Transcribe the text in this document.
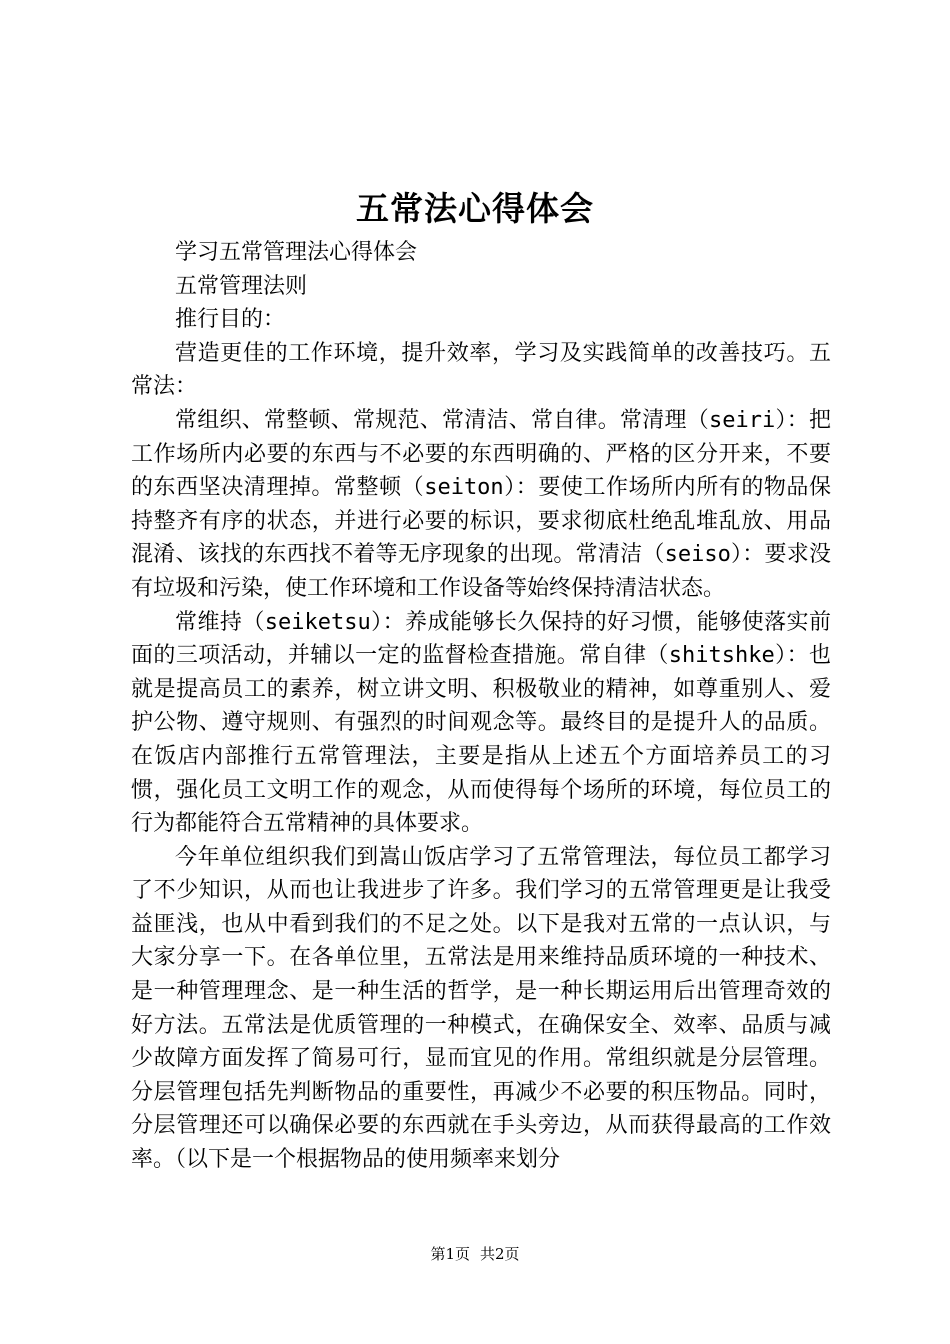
五常法心得体会

学习五常管理法心得体会

五常管理法则

推行目的：

营造更佳的工作环境，提升效率，学习及实践简单的改善技巧。五常法：

常组织、常整顿、常规范、常清洁、常自律。常清理（seiri）：把工作场所内必要的东西与不必要的东西明确的、严格的区分开来，不要的东西坚决清理掉。常整顿（seiton）：要使工作场所内所有的物品保持整齐有序的状态，并进行必要的标识，要求彻底杜绝乱堆乱放、用品混淆、该找的东西找不着等无序现象的出现。常清洁（seiso）：要求没有垃圾和污染，使工作环境和工作设备等始终保持清洁状态。

常维持（seiketsu）：养成能够长久保持的好习惯，能够使落实前面的三项活动，并辅以一定的监督检查措施。常自律（shitshke）：也就是提高员工的素养，树立讲文明、积极敬业的精神，如尊重别人、爱护公物、遵守规则、有强烈的时间观念等。最终目的是提升人的品质。在饭店内部推行五常管理法，主要是指从上述五个方面培养员工的习惯，强化员工文明工作的观念，从而使得每个场所的环境，每位员工的行为都能符合五常精神的具体要求。

今年单位组织我们到嵩山饭店学习了五常管理法，每位员工都学习了不少知识，从而也让我进步了许多。我们学习的五常管理更是让我受益匪浅，也从中看到我们的不足之处。以下是我对五常的一点认识，与大家分享一下。在各单位里，五常法是用来维持品质环境的一种技术、是一种管理理念、是一种生活的哲学，是一种长期运用后出管理奇效的好方法。五常法是优质管理的一种模式，在确保安全、效率、品质与减少故障方面发挥了简易可行，显而宜见的作用。常组织就是分层管理。分层管理包括先判断物品的重要性，再减少不必要的积压物品。同时，分层管理还可以确保必要的东西就在手头旁边，从而获得最高的工作效率。（以下是一个根据物品的使用频率来划分

第1页 共2页
